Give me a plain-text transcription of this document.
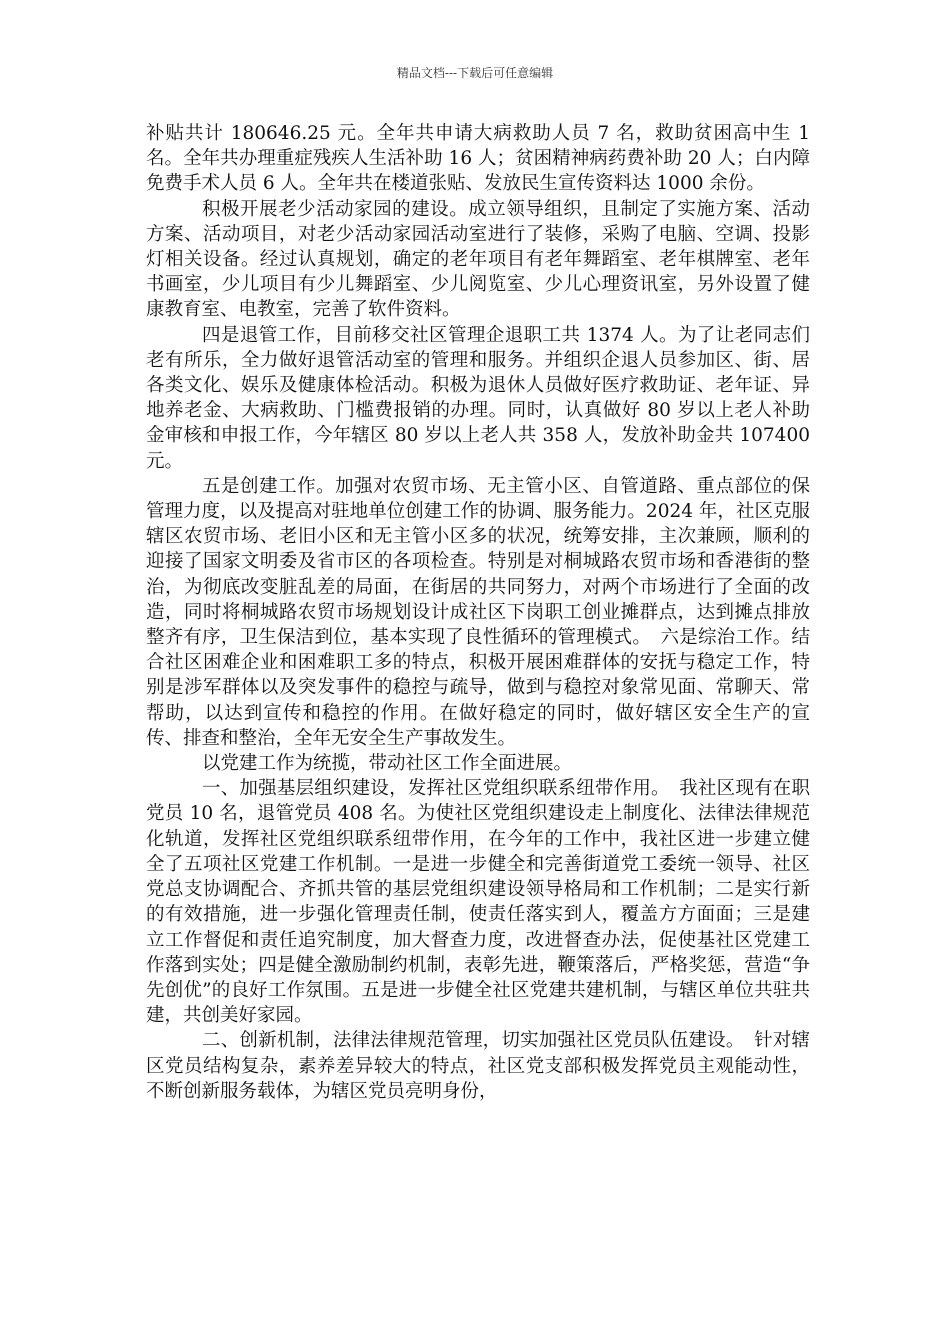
精品文档---下载后可任意编辑

补贴共计 180646.25 元。全年共申请大病救助人员 7 名，救助贫困高中生 1 名。全年共办理重症残疾人生活补助 16 人；贫困精神病药费补助 20 人；白内障免费手术人员 6 人。全年共在楼道张贴、发放民生宣传资料达 1000 余份。

积极开展老少活动家园的建设。成立领导组织，且制定了实施方案、活动方案、活动项目，对老少活动家园活动室进行了装修，采购了电脑、空调、投影灯相关设备。经过认真规划，确定的老年项目有老年舞蹈室、老年棋牌室、老年书画室，少儿项目有少儿舞蹈室、少儿阅览室、少儿心理资讯室，另外设置了健康教育室、电教室，完善了软件资料。

四是退管工作，目前移交社区管理企退职工共 1374 人。为了让老同志们老有所乐，全力做好退管活动室的管理和服务。并组织企退人员参加区、街、居各类文化、娱乐及健康体检活动。积极为退休人员做好医疗救助证、老年证、异地养老金、大病救助、门槛费报销的办理。同时，认真做好 80 岁以上老人补助金审核和申报工作，今年辖区 80 岁以上老人共 358 人，发放补助金共 107400 元。

五是创建工作。加强对农贸市场、无主管小区、自管道路、重点部位的保管理力度，以及提高对驻地单位创建工作的协调、服务能力。2024 年，社区克服辖区农贸市场、老旧小区和无主管小区多的状况，统筹安排，主次兼顾，顺利的迎接了国家文明委及省市区的各项检查。特别是对桐城路农贸市场和香港街的整治，为彻底改变脏乱差的局面，在街居的共同努力，对两个市场进行了全面的改造，同时将桐城路农贸市场规划设计成社区下岗职工创业摊群点，达到摊点排放整齐有序，卫生保洁到位，基本实现了良性循环的管理模式。　六是综治工作。结合社区困难企业和困难职工多的特点，积极开展困难群体的安抚与稳定工作，特别是涉军群体以及突发事件的稳控与疏导，做到与稳控对象常见面、常聊天、常帮助，以达到宣传和稳控的作用。在做好稳定的同时，做好辖区安全生产的宣传、排查和整治，全年无安全生产事故发生。

以党建工作为统揽，带动社区工作全面进展。

一、加强基层组织建设，发挥社区党组织联系纽带作用。　我社区现有在职党员 10 名，退管党员 408 名。为使社区党组织建设走上制度化、法律法律规范化轨道，发挥社区党组织联系纽带作用，在今年的工作中，我社区进一步建立健全了五项社区党建工作机制。一是进一步健全和完善街道党工委统一领导、社区党总支协调配合、齐抓共管的基层党组织建设领导格局和工作机制；二是实行新的有效措施，进一步强化管理责任制，使责任落实到人，覆盖方方面面；三是建立工作督促和责任追究制度，加大督查力度，改进督查办法，促使基社区党建工作落到实处；四是健全激励制约机制，表彰先进，鞭策落后，严格奖惩，营造“争先创优”的良好工作氛围。五是进一步健全社区党建共建机制，与辖区单位共驻共建，共创美好家园。

二、创新机制，法律法律规范管理，切实加强社区党员队伍建设。　针对辖区党员结构复杂，素养差异较大的特点，社区党支部积极发挥党员主观能动性，不断创新服务载体，为辖区党员亮明身份，
